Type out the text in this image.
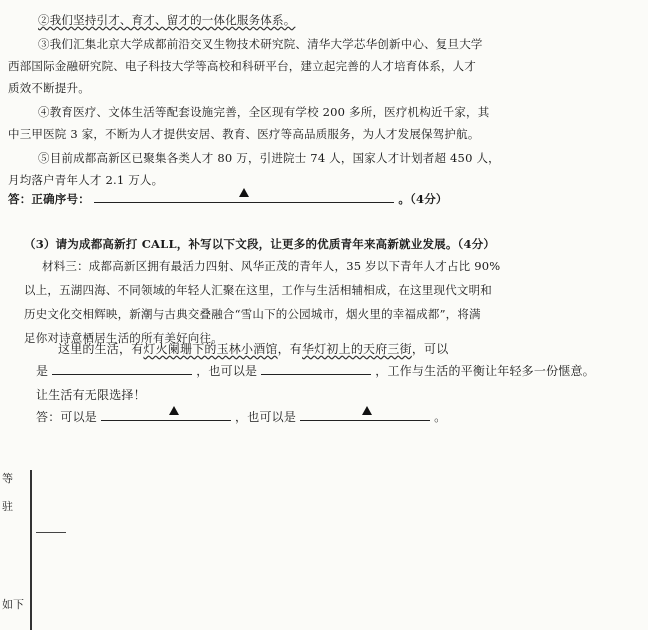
②我们坚持引才、育才、留才的一体化服务体系。
③我们汇集北京大学成都前沿交叉生物技术研究院、清华大学芯华创新中心、复旦大学
西部国际金融研究院、电子科技大学等高校和科研平台，建立起完善的人才培育体系，人才
质效不断提升。
④教育医疗、文体生活等配套设施完善，全区现有学校 200 多所，医疗机构近千家，其
中三甲医院 3 家，不断为人才提供安居、教育、医疗等高品质服务，为人才发展保驾护航。
⑤目前成都高新区已聚集各类人才 80 万，引进院士 74 人，国家人才计划者超 450 人，
月均落户青年人才 2.1 万人。
答：正确序号：	。（4分）
（3）请为成都高新打 CALL，补写以下文段，让更多的优质青年来高新就业发展。（4分）
材料三：成都高新区拥有最活力四射、风华正茂的青年人，35 岁以下青年人才占比 90%
以上，五湖四海、不同领域的年轻人汇聚在这里，工作与生活相辅相成，在这里现代文明和
历史文化交相辉映，新潮与古典交叠融合“雪山下的公园城市，烟火里的幸福成都”，将满
足你对诗意栖居生活的所有美好向往。
这里的生活，有灯火阑珊下的玉林小酒馆，有华灯初上的天府三街，可以
是	，也可以是	，工作与生活的平衡让年轻多一份惬意。
让生活有无限选择！
答：可以是	，也可以是	。
等
驻
如下
